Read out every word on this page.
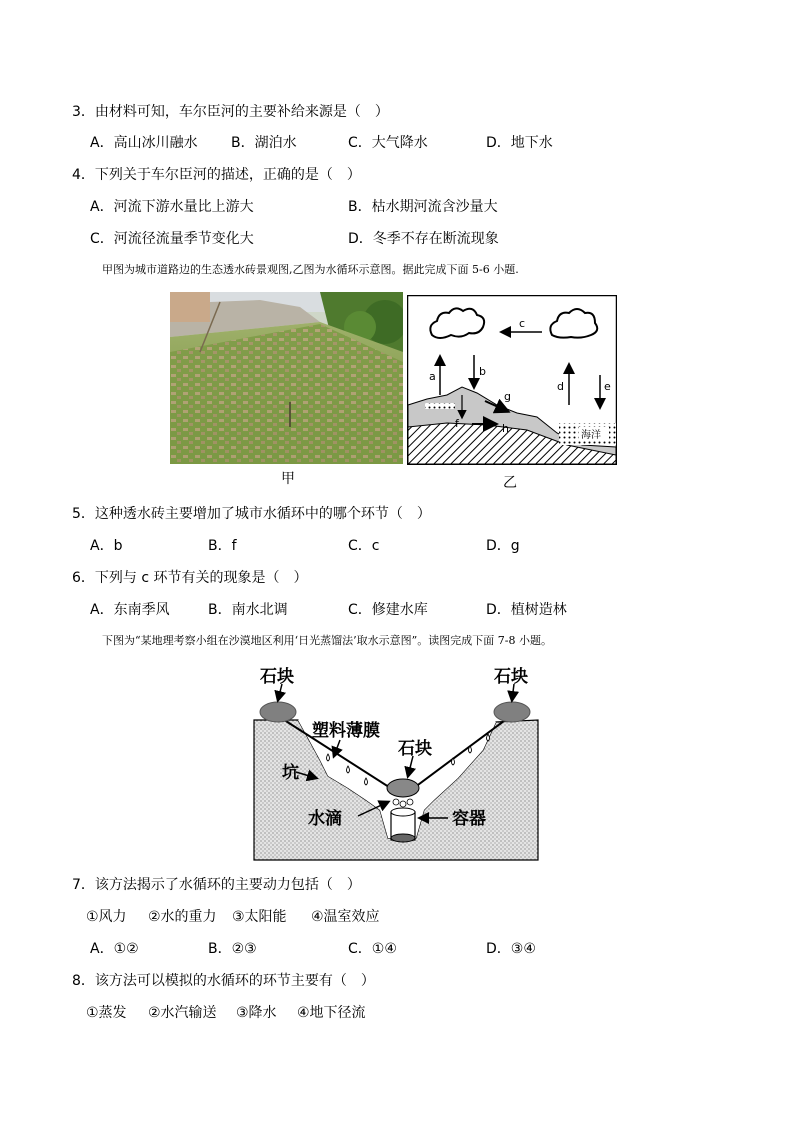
3．由材料可知，车尔臣河的主要补给来源是（　）
A．高山冰川融水 B．湖泊水	C．大气降水	D．地下水
4．下列关于车尔臣河的描述，正确的是（　）
A．河流下游水量比上游大	B．枯水期河流含沙量大
C．河流径流量季节变化大	D．冬季不存在断流现象
甲图为城市道路边的生态透水砖景观图,乙图为水循环示意图。据此完成下面 5-6 小题.
海洋
c
a	b
d	e
g
f	h
甲	乙
5．这种透水砖主要增加了城市水循环中的哪个环节（　）
A．b	B．f	C．c	D．g
6．下列与 c 环节有关的现象是（　）
A．东南季风	B．南水北调	C．修建水库	D．植树造林
下图为“某地理考察小组在沙漠地区利用‘日光蒸馏法’取水示意图”。读图完成下面 7-8 小题。
石块	石块
塑料薄膜
石块
坑
水滴	容器
7．该方法揭示了水循环的主要动力包括（　）
①风力 ②水的重力 ③太阳能 ④温室效应
A．①②	B．②③	C．①④	D．③④
8．该方法可以模拟的水循环的环节主要有（　）
①蒸发 ②水汽输送 ③降水 ④地下径流
